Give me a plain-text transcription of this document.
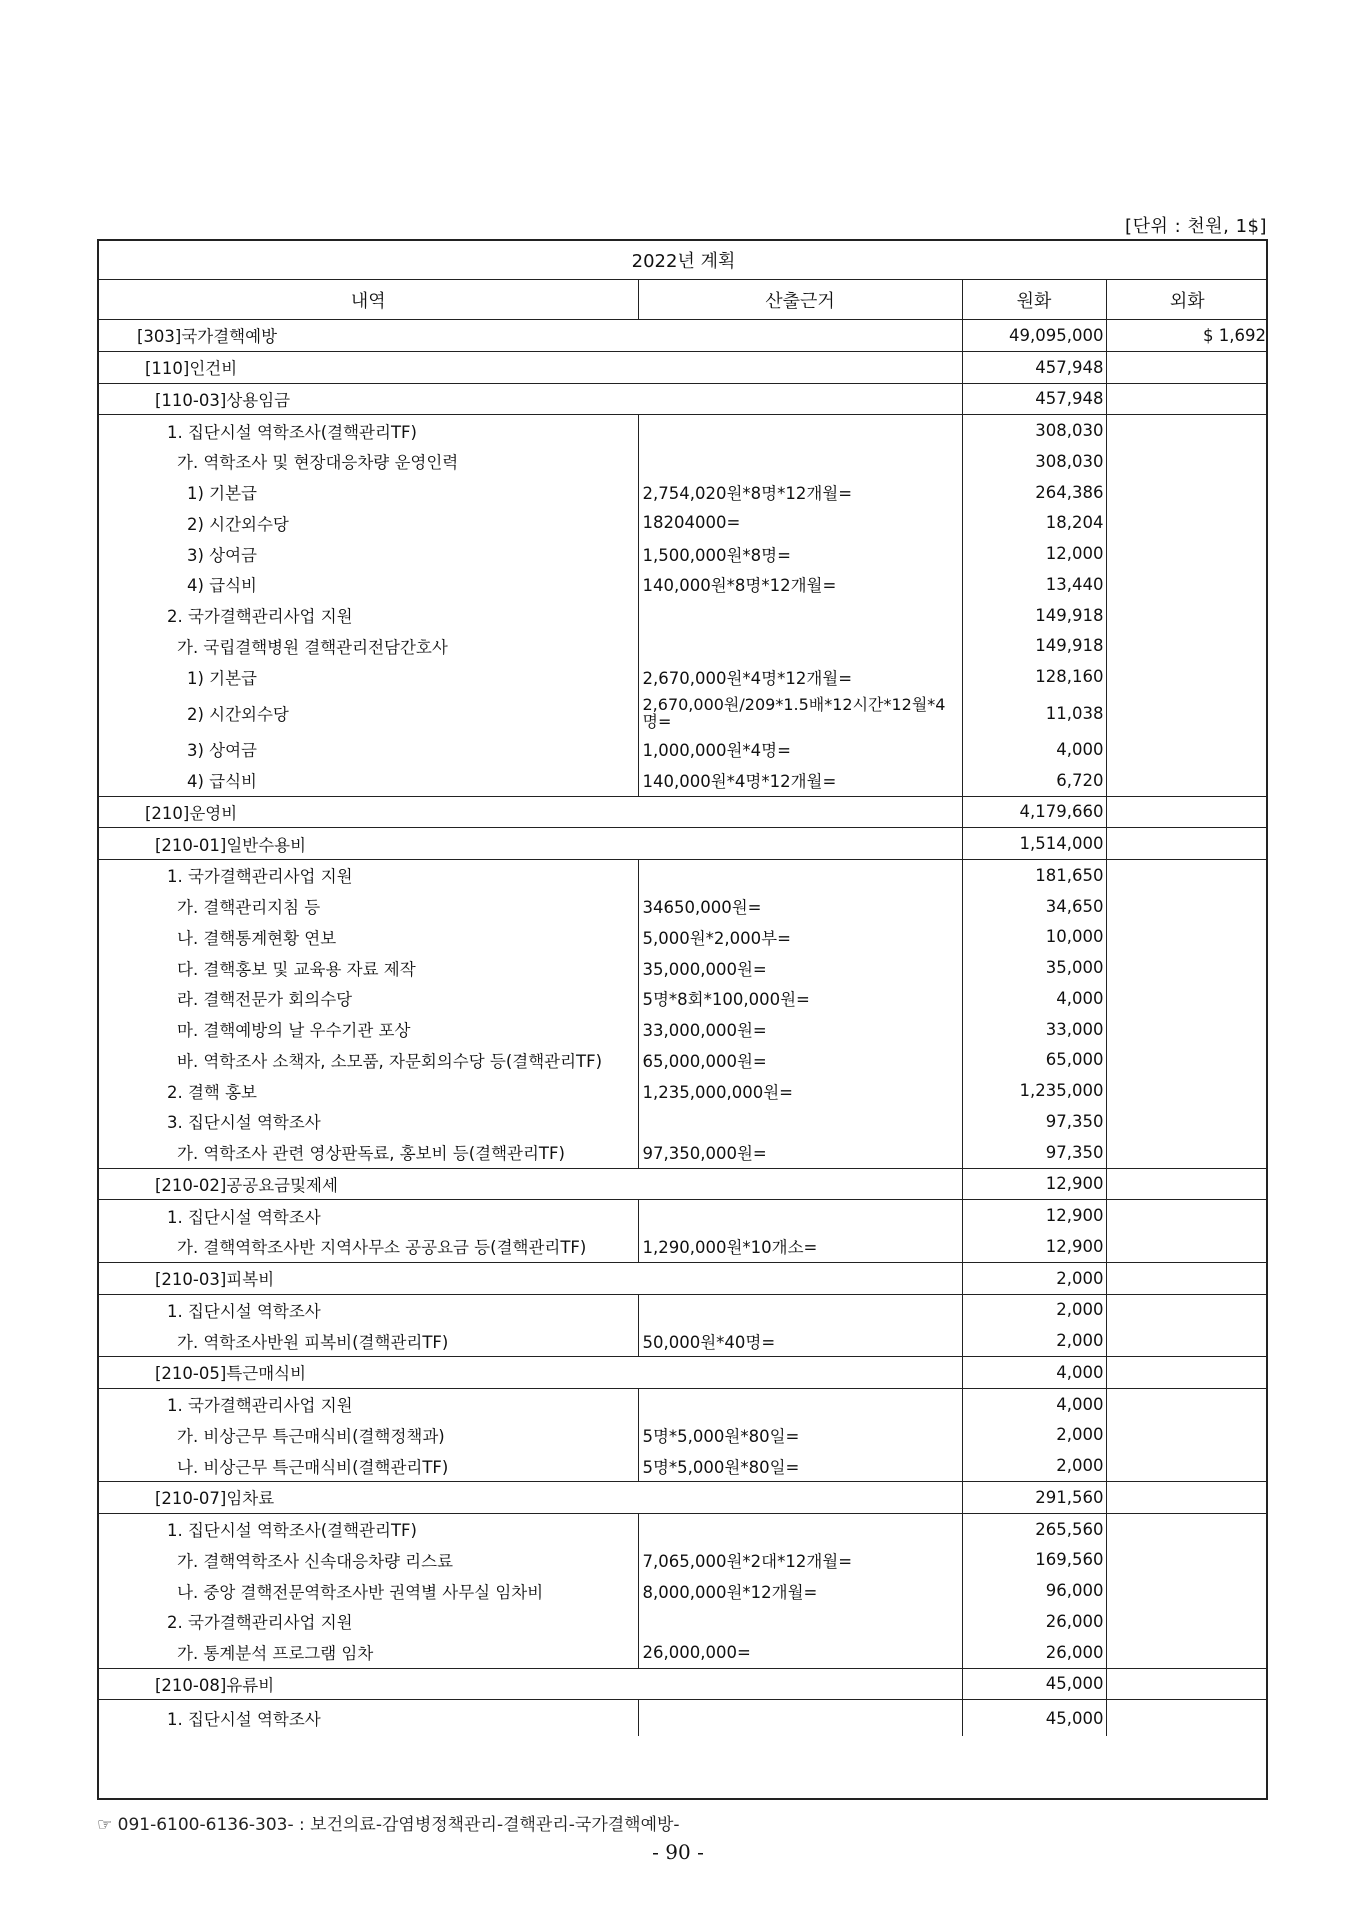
[단위 : 천원, 1$]
2022년 계획			
내역	산출근거	원화	외화
[303]국가결핵예방		49,095,000	$ 1,692
[110]인건비		457,948	
[110-03]상용임금		457,948	
1. 집단시설 역학조사(결핵관리TF)		308,030	
가. 역학조사 및 현장대응차량 운영인력		308,030	
1) 기본급	2,754,020원*8명*12개월=	264,386	
2) 시간외수당	18204000=	18,204	
3) 상여금	1,500,000원*8명=	12,000	
4) 급식비	140,000원*8명*12개월=	13,440	
2. 국가결핵관리사업 지원		149,918	
가. 국립결핵병원 결핵관리전담간호사		149,918	
1) 기본급	2,670,000원*4명*12개월=	128,160	
2) 시간외수당	2,670,000원/209*1.5배*12시간*12월*4명=	11,038	
3) 상여금	1,000,000원*4명=	4,000	
4) 급식비	140,000원*4명*12개월=	6,720	
[210]운영비		4,179,660	
[210-01]일반수용비		1,514,000	
1. 국가결핵관리사업 지원		181,650	
가. 결핵관리지침 등	34650,000원=	34,650	
나. 결핵통계현황 연보	5,000원*2,000부=	10,000	
다. 결핵홍보 및 교육용 자료 제작	35,000,000원=	35,000	
라. 결핵전문가 회의수당	5명*8회*100,000원=	4,000	
마. 결핵예방의 날 우수기관 포상	33,000,000원=	33,000	
바. 역학조사 소책자, 소모품, 자문회의수당 등(결핵관리TF)	65,000,000원=	65,000	
2. 결핵 홍보	1,235,000,000원=	1,235,000	
3. 집단시설 역학조사		97,350	
가. 역학조사 관련 영상판독료, 홍보비 등(결핵관리TF)	97,350,000원=	97,350	
[210-02]공공요금및제세		12,900	
1. 집단시설 역학조사		12,900	
가. 결핵역학조사반 지역사무소 공공요금 등(결핵관리TF)	1,290,000원*10개소=	12,900	
[210-03]피복비		2,000	
1. 집단시설 역학조사		2,000	
가. 역학조사반원 피복비(결핵관리TF)	50,000원*40명=	2,000	
[210-05]특근매식비		4,000	
1. 국가결핵관리사업 지원		4,000	
가. 비상근무 특근매식비(결핵정책과)	5명*5,000원*80일=	2,000	
나. 비상근무 특근매식비(결핵관리TF)	5명*5,000원*80일=	2,000	
[210-07]임차료		291,560	
1. 집단시설 역학조사(결핵관리TF)		265,560	
가. 결핵역학조사 신속대응차량 리스료	7,065,000원*2대*12개월=	169,560	
나. 중앙 결핵전문역학조사반 권역별 사무실 임차비	8,000,000원*12개월=	96,000	
2. 국가결핵관리사업 지원		26,000	
가. 통계분석 프로그램 임차	26,000,000=	26,000	
[210-08]유류비		45,000	
1. 집단시설 역학조사		45,000	
☞ 091-6100-6136-303- : 보건의료-감염병정책관리-결핵관리-국가결핵예방-
- 90 -
